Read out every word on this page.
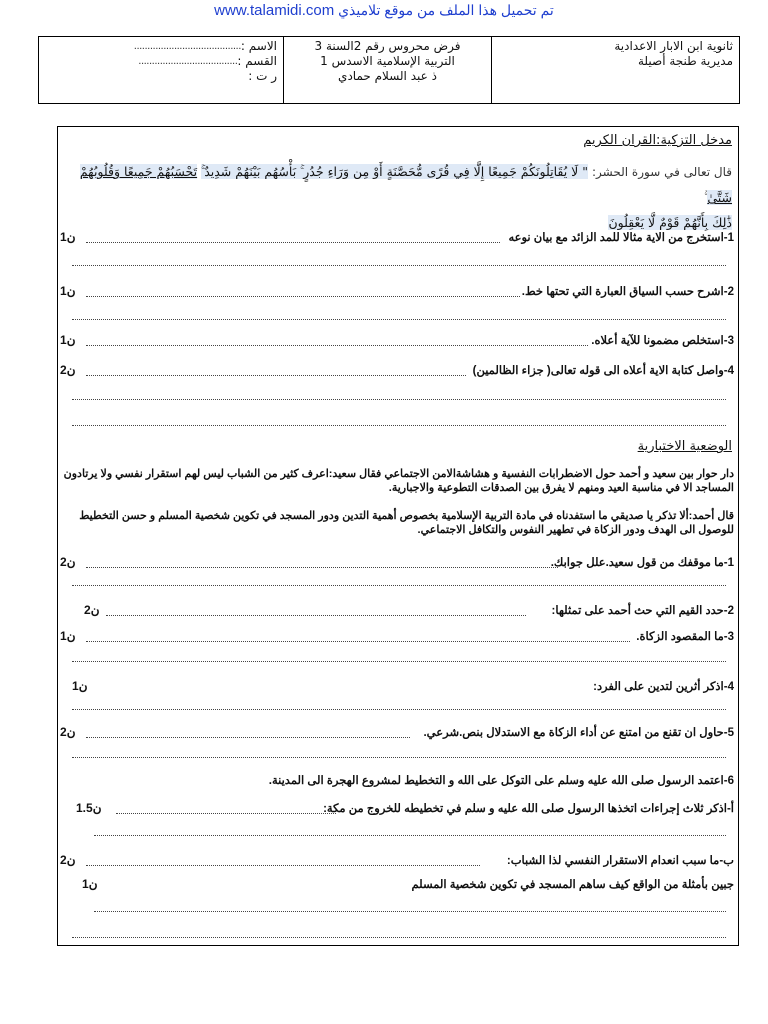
www.talamidi.com تم تحميل هذا الملف من موقع تلاميذي
ثانوية ابن الابار الاعدادية
مديرية طنجة أصيلة
فرض محروس رقم 2السنة 3
التربية الإسلامية الاسدس 1
ذ عبد السلام حمادي
الاسم :
........................................
القسم :
.....................................
ر ت :
مدخل التزكية:القران الكريم
قال تعالى في سورة الحشر: " لَا يُقَاتِلُونَكُمْ جَمِيعًا إِلَّا فِي قُرًى مُّحَصَّنَةٍ أَوْ مِن وَرَاءِ جُدُرٍ ۚ بَأْسُهُم بَيْنَهُمْ شَدِيدٌ ۚ تَحْسَبُهُمْ جَمِيعًا وَقُلُوبُهُمْ شَتَّىٰ
ذَٰلِكَ بِأَنَّهُمْ قَوْمٌ لَّا يَعْقِلُونَ
1-استخرج من الاية مثالا للمد الزائد مع بيان نوعه
1ن
2-اشرح حسب السياق العبارة التي تحتها خط.
1ن
3-استخلص مضمونا للآية أعلاه.
1ن
4-واصل كتابة الاية أعلاه الى قوله تعالى( جزاء الظالمين)
2ن
الوضعية الاختبارية
دار حوار بين سعيد و أحمد حول الاضطرابات النفسية و هشاشةالامن الاجتماعي فقال سعيد:اعرف كثير من الشباب ليس لهم استقرار نفسي ولا يرتادون
المساجد الا في مناسبة العيد ومنهم لا يفرق بين الصدقات التطوعية والاجبارية.
قال أحمد:ألا تذكر يا صديقي ما استفدناه في مادة التربية الإسلامية بخصوص أهمية التدين ودور المسجد في تكوين شخصية المسلم و حسن التخطيط
للوصول الى الهدف ودور الزكاة في تطهير النفوس والتكافل الاجتماعي.
1-ما موقفك من قول سعيد.علل جوابك.
2ن
2-حدد القيم التي حث أحمد على تمثلها:
2ن
3-ما المقصود الزكاة.
1ن
4-اذكر أثرين لتدين على الفرد:
1ن
5-حاول ان تقنع من امتنع عن أداء الزكاة مع الاستدلال بنص.شرعي.
2ن
6-اعتمد الرسول صلى الله عليه وسلم على التوكل على الله و التخطيط لمشروع الهجرة الى المدينة.
أ-اذكر ثلاث إجراءات اتخذها الرسول صلى الله عليه و سلم في تخطيطه للخروج من مكة:
1.5ن
ب-ما سبب انعدام الاستقرار النفسي لذا الشباب:
2ن
جبين بأمثلة من الواقع كيف ساهم المسجد في تكوين شخصية المسلم
1ن
